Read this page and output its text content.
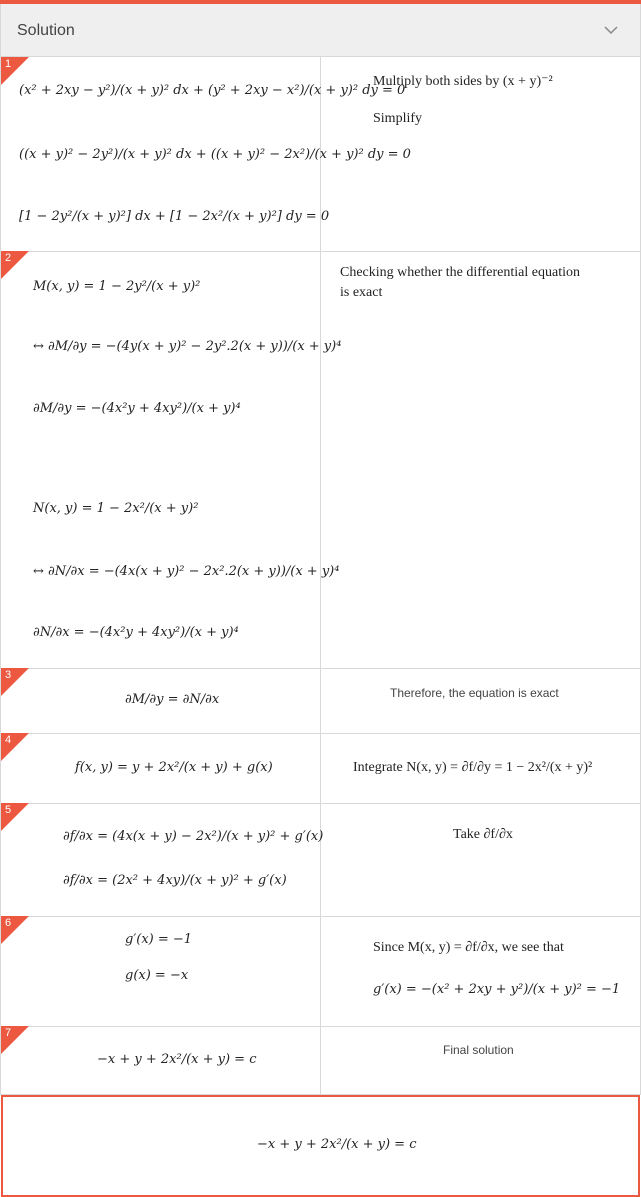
Solution
1
(x² + 2xy − y²)/(x + y)² dx + (y² + 2xy − x²)/(x + y)² dy = 0
((x + y)² − 2y²)/(x + y)² dx + ((x + y)² − 2x²)/(x + y)² dy = 0
[1 − 2y²/(x + y)²] dx + [1 − 2x²/(x + y)²] dy = 0
Multiply both sides by (x + y)⁻²
Simplify
2
M(x, y) = 1 − 2y²/(x + y)²
↔ ∂M/∂y = −(4y(x + y)² − 2y².2(x + y))/(x + y)⁴
∂M/∂y = −(4x²y + 4xy²)/(x + y)⁴
N(x, y) = 1 − 2x²/(x + y)²
↔ ∂N/∂x = −(4x(x + y)² − 2x².2(x + y))/(x + y)⁴
∂N/∂x = −(4x²y + 4xy²)/(x + y)⁴
Checking whether the differential equation
is exact
3
∂M/∂y = ∂N/∂x	Therefore, the equation is exact
4
f(x, y) = y + 2x²/(x + y) + g(x)	Integrate N(x, y) = ∂f/∂y = 1 − 2x²/(x + y)²
5
∂f/∂x = (4x(x + y) − 2x²)/(x + y)² + g′(x)
∂f/∂x = (2x² + 4xy)/(x + y)² + g′(x)
Take ∂f/∂x
6
g′(x) = −1
g(x) = −x
Since M(x, y) = ∂f/∂x, we see that
g′(x) = −(x² + 2xy + y²)/(x + y)² = −1
7
−x + y + 2x²/(x + y) = c
Final solution
−x + y + 2x²/(x + y) = c
